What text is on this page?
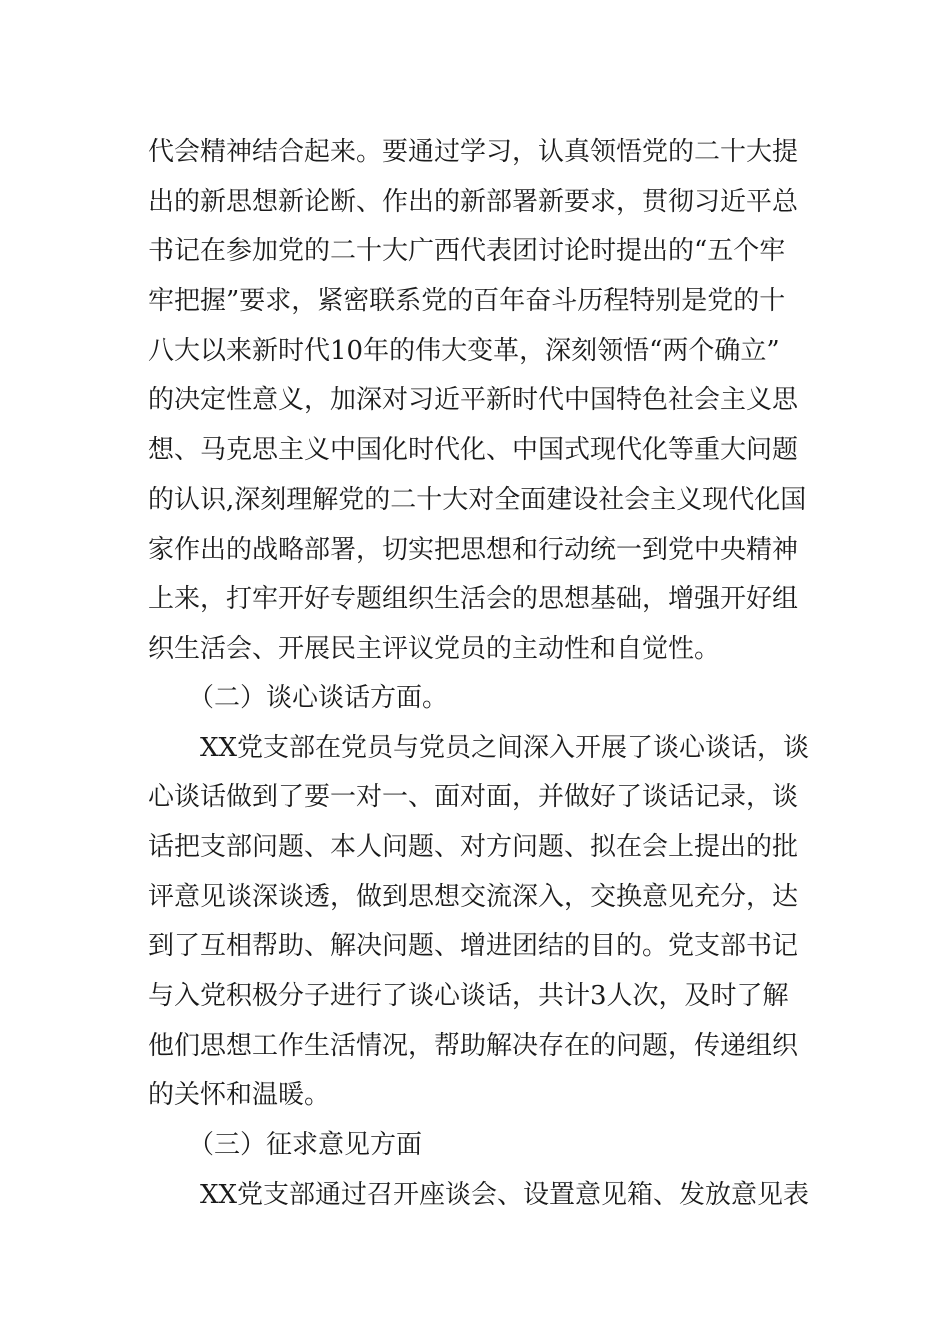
代会精神结合起来。要通过学习，认真领悟党的二十大提
出的新思想新论断、作出的新部署新要求，贯彻习近平总
书记在参加党的二十大广西代表团讨论时提出的“五个牢
牢把握”要求，紧密联系党的百年奋斗历程特别是党的十
八大以来新时代10年的伟大变革，深刻领悟“两个确立”
的决定性意义，加深对习近平新时代中国特色社会主义思
想、马克思主义中国化时代化、中国式现代化等重大问题
的认识,深刻理解党的二十大对全面建设社会主义现代化国
家作出的战略部署，切实把思想和行动统一到党中央精神
上来，打牢开好专题组织生活会的思想基础，增强开好组
织生活会、开展民主评议党员的主动性和自觉性。
（二）谈心谈话方面。
XX党支部在党员与党员之间深入开展了谈心谈话，谈
心谈话做到了要一对一、面对面，并做好了谈话记录，谈
话把支部问题、本人问题、对方问题、拟在会上提出的批
评意见谈深谈透，做到思想交流深入，交换意见充分，达
到了互相帮助、解决问题、增进团结的目的。党支部书记
与入党积极分子进行了谈心谈话，共计3人次，及时了解
他们思想工作生活情况，帮助解决存在的问题，传递组织
的关怀和温暖。
（三）征求意见方面
XX党支部通过召开座谈会、设置意见箱、发放意见表
